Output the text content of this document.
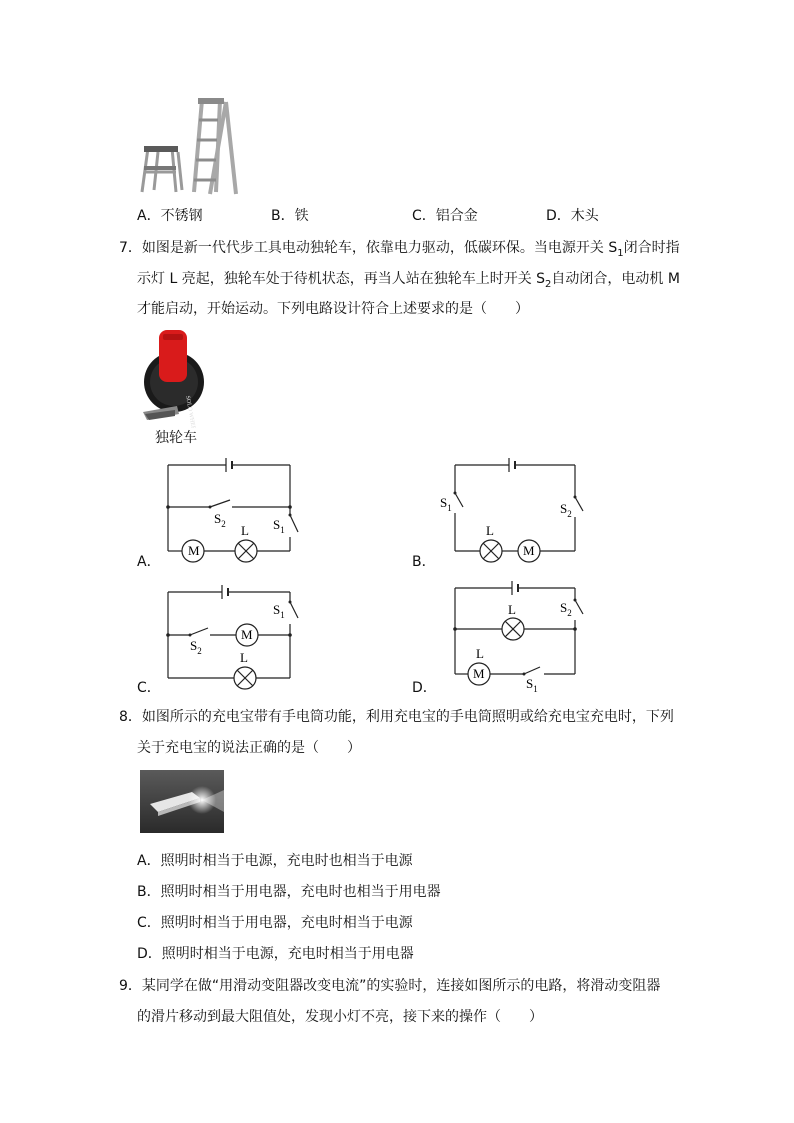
A．不锈钢	B．铁	C．铝合金	D．木头
7．如图是新一代代步工具电动独轮车，依靠电力驱动，低碳环保。当电源开关 $S_1$闭合时指
示灯 L 亮起，独轮车处于待机状态，再当人站在独轮车上时开关 $S_2$自动闭合，电动机 M
才能启动，开始运动。下列电路设计符合上述要求的是（　　）
SOLO WHEEL
独轮车
M
L
$S_2$	$S_1$
A．
M
L
$S_1$	$S_2$
B．
M
L
$S_2$
$S_1$
C．
M
L
L
$S_2$
$S_1$
D．
8．如图所示的充电宝带有手电筒功能，利用充电宝的手电筒照明或给充电宝充电时，下列
关于充电宝的说法正确的是（　　）
A．照明时相当于电源，充电时也相当于电源
B．照明时相当于用电器，充电时也相当于用电器
C．照明时相当于用电器，充电时相当于电源
D．照明时相当于电源，充电时相当于用电器
9．某同学在做“用滑动变阻器改变电流”的实验时，连接如图所示的电路，将滑动变阻器
的滑片移动到最大阻值处，发现小灯不亮，接下来的操作（　　）
